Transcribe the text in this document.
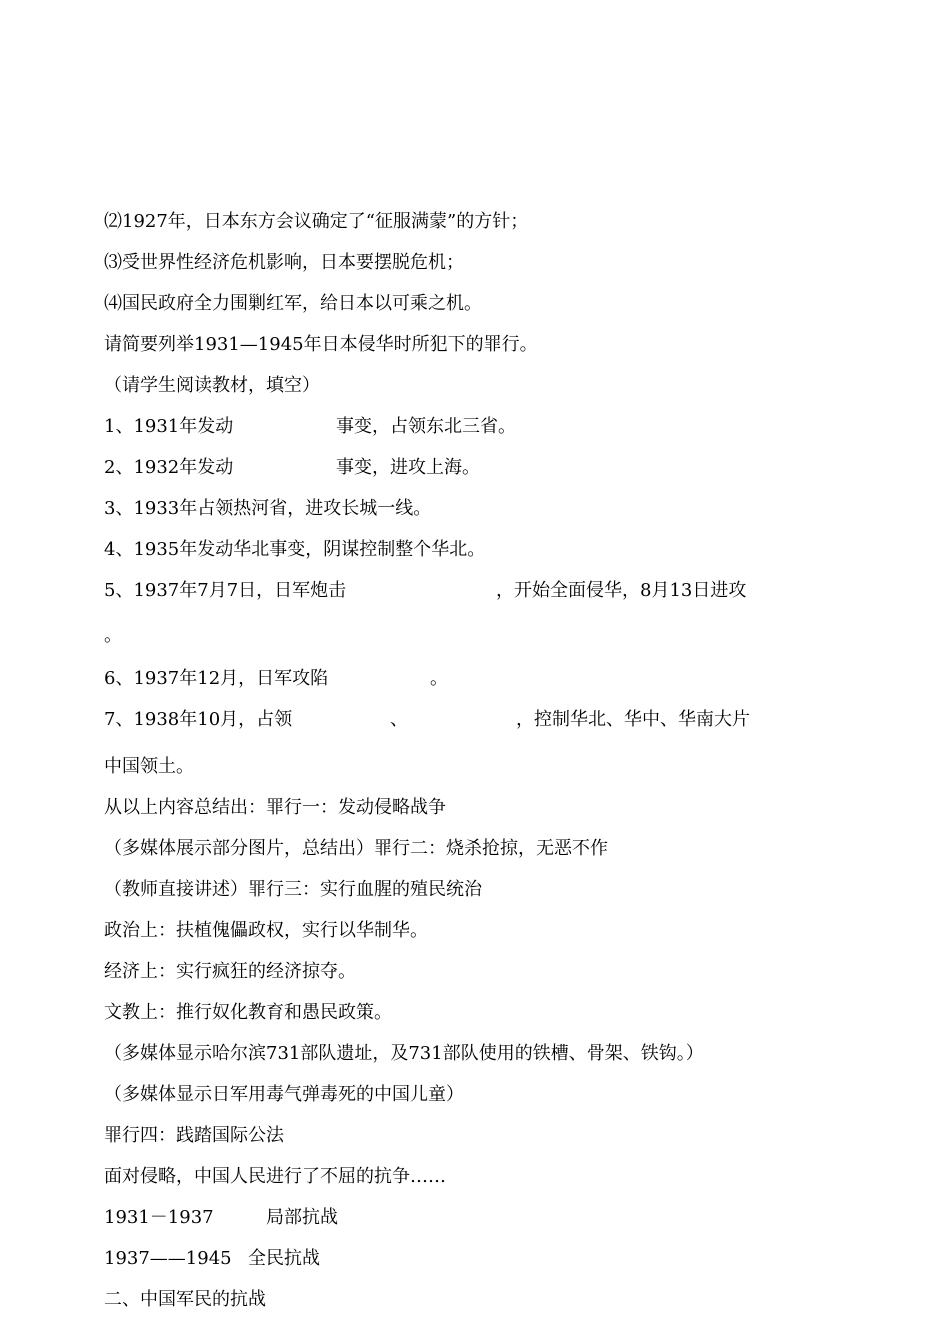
⑵1927年，日本东方会议确定了“征服满蒙”的方针；

⑶受世界性经济危机影响，日本要摆脱危机；

⑷国民政府全力围剿红军，给日本以可乘之机。

请简要列举1931—1945年日本侵华时所犯下的罪行。

（请学生阅读教材，填空）

1、1931年发动

	事变，占领东北三省。

2、1932年发动

	事变，进攻上海。

3、1933年占领热河省，进攻长城一线。

4、1935年发动华北事变，阴谋控制整个华北。

5、1937年7月7日，日军炮击

	，开始全面侵华，8月13日进攻

。

6、1937年12月，日军攻陷

	。

7、1938年10月，占领

	、

	，控制华北、华中、华南大片

中国领土。

从以上内容总结出：罪行一：发动侵略战争

（多媒体展示部分图片，总结出）罪行二：烧杀抢掠，无恶不作

（教师直接讲述）罪行三：实行血腥的殖民统治

政治上：扶植傀儡政权，实行以华制华。

经济上：实行疯狂的经济掠夺。

文教上：推行奴化教育和愚民政策。

（多媒体显示哈尔滨731部队遗址，及731部队使用的铁槽、骨架、铁钩。）

（多媒体显示日军用毒气弹毒死的中国儿童）

罪行四：践踏国际公法

面对侵略，中国人民进行了不屈的抗争……

1931－1937

	局部抗战

1937——1945

全民抗战

二、中国军民的抗战
